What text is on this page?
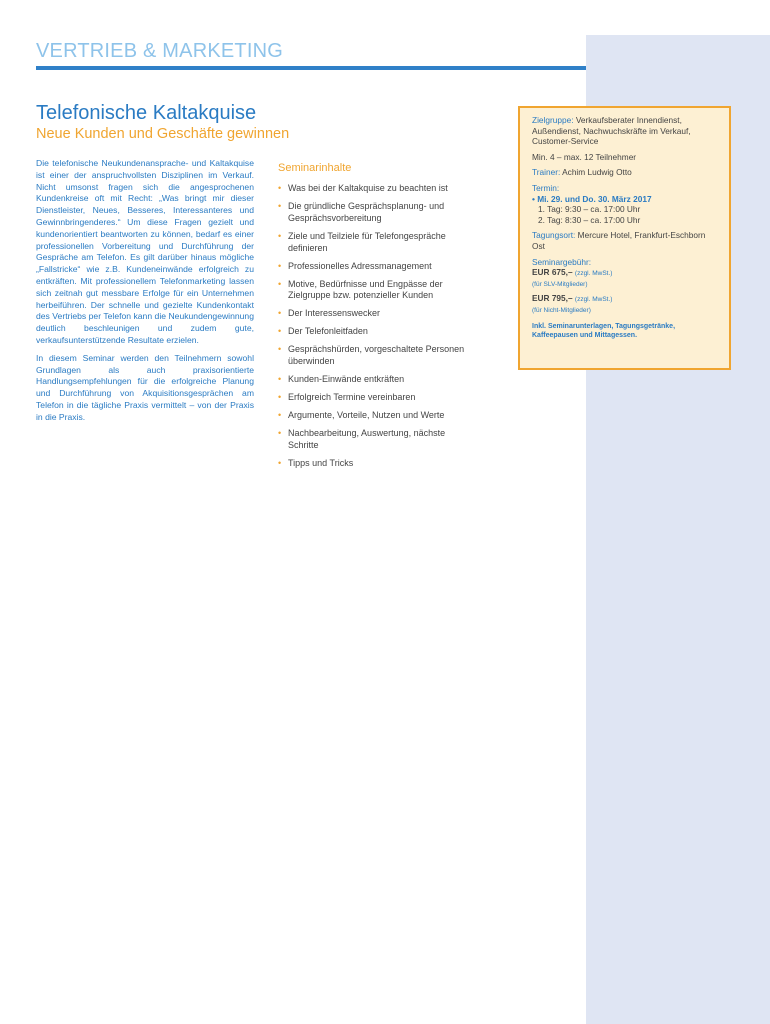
VERTRIEB & MARKETING
Telefonische Kaltakquise
Neue Kunden und Geschäfte gewinnen

Die telefonische Neukundenansprache- und Kaltakquise ist einer der anspruchvollsten Disziplinen im Verkauf. Nicht umsonst fragen sich die angesprochenen Kundenkreise oft mit Recht: „Was bringt mir dieser Dienstleister, Neues, Besseres, Interessanteres und Gewinnbringenderes.“ Um diese Fragen gezielt und kundenorientiert beantworten zu können, bedarf es einer professionellen Vorbereitung und Durchführung der Gespräche am Telefon. Es gilt darüber hinaus mögliche „Fallstricke“ wie z.B. Kundeneinwände erfolgreich zu entkräften. Mit professionellem Telefonmarketing lassen sich zeitnah gut messbare Erfolge für ein Unternehmen herbeiführen. Der schnelle und gezielte Kundenkontakt des Vertriebs per Telefon kann die Neukundengewinnung deutlich beschleunigen und zudem gute, verkaufsunterstützende Resultate erzielen.

In diesem Seminar werden den Teilnehmern sowohl Grundlagen als auch praxisorientierte Handlungsempfehlungen für die erfolgreiche Planung und Durchführung von Akquisitionsgesprächen am Telefon in die tägliche Praxis vermittelt – von der Praxis in die Praxis.

Seminarinhalte
• Was bei der Kaltakquise zu beachten ist
• Die gründliche Gesprächsplanung- und Gesprächsvorbereitung
• Ziele und Teilziele für Telefongespräche definieren
• Professionelles Adressmanagement
• Motive, Bedürfnisse und Engpässe der Zielgruppe bzw. potenzieller Kunden
• Der Interessenswecker
• Der Telefonleitfaden
• Gesprächshürden, vorgeschaltete Personen überwinden
• Kunden-Einwände entkräften
• Erfolgreich Termine vereinbaren
• Argumente, Vorteile, Nutzen und Werte
• Nachbearbeitung, Auswertung, nächste Schritte
• Tipps und Tricks
Zielgruppe: Verkaufsberater Innendienst, Außendienst, Nachwuchskräfte im Verkauf, Customer-Service
Min. 4 – max. 12 Teilnehmer
Trainer: Achim Ludwig Otto
Termin:
• Mi. 29. und Do. 30. März 2017
1. Tag: 9:30 – ca. 17:00 Uhr
2. Tag: 8:30 – ca. 17:00 Uhr
Tagungsort: Mercure Hotel, Frankfurt-Eschborn Ost
Seminargebühr:
EUR 675,– (zzgl. MwSt.)
(für SLV-Mitglieder)
EUR 795,– (zzgl. MwSt.)
(für Nicht-Mitglieder)
Inkl. Seminarunterlagen, Tagungsgetränke, Kaffeepausen und Mittagessen.
